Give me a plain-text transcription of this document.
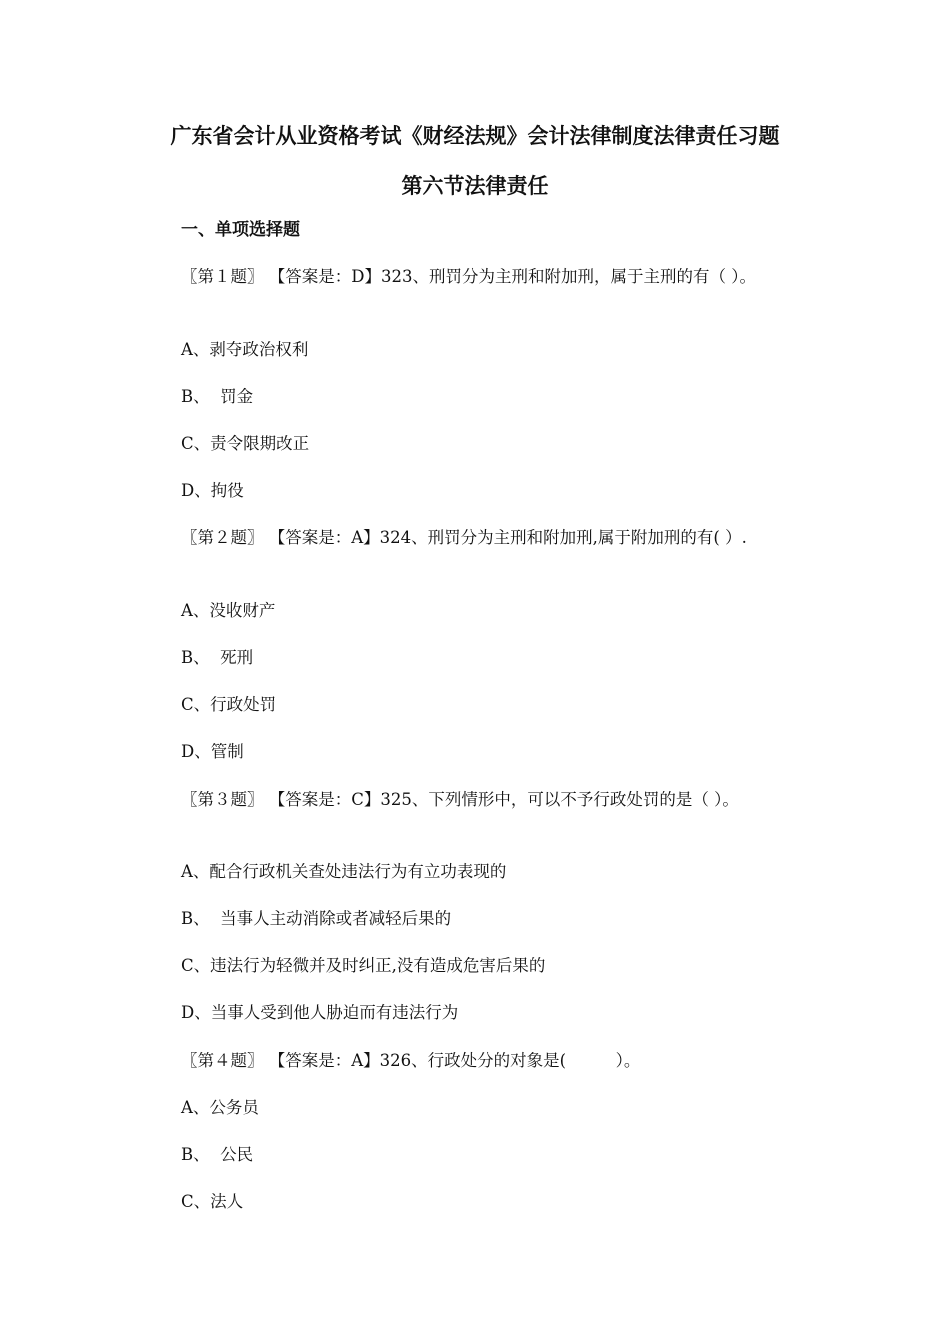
广东省会计从业资格考试《财经法规》会计法律制度法律责任习题
第六节法律责任
一、单项选择题

〖第１题〗 【答案是：D】323、刑罚分为主刑和附加刑，属于主刑的有（ ）。

A、剥夺政治权利

B、  罚金

C、责令限期改正

D、拘役

〖第２题〗 【答案是：A】324、刑罚分为主刑和附加刑,属于附加刑的有( ）.

A、没收财产

B、  死刑

C、行政处罚

D、管制

〖第３题〗 【答案是：C】325、下列情形中，可以不予行政处罚的是（ ）。

A、配合行政机关查处违法行为有立功表现的

B、  当事人主动消除或者减轻后果的

C、违法行为轻微并及时纠正,没有造成危害后果的

D、当事人受到他人胁迫而有违法行为

〖第４题〗 【答案是：A】326、行政处分的对象是(　　　）。

A、公务员

B、  公民

C、法人
